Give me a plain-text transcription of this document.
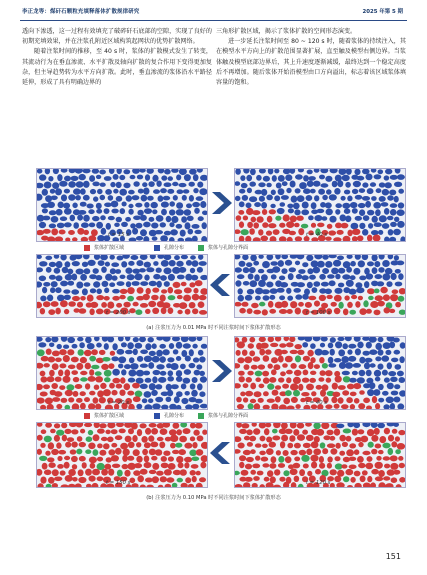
李正龙等：煤矸石颗粒充填释落体扩散规律研究	2025 年第 5 期

透向下渗透，这一过程有效填充了破碎矸石底部的空隙，实现了良好的初期充填效果，并在注浆孔附近区域构筑起网状的优势扩散网络。

随着注浆时间的推移，至 40 s 时，浆体的扩散模式发生了转变，其流动行为在垂直渗流、水平扩散及轴向扩散的复合作用下变得更加复杂，但主导趋势转为水平方向扩散。此时，垂直渗流的浆体沿水平路径延伸，形成了具有明确边界的

三角形扩散区域，揭示了浆体扩散的空间形态演变。

进一步延长注浆时间至 80 ~ 120 s 时，随着浆体的持续注入，其在模型水平方向上的扩散范围显著扩展，直至触及模型右侧边界。当浆体触及模型底部边界后，其上升速度逐渐减缓，最终达到一个稳定高度后不再增加。随后浆体开始沿模型由口方向溢出，标志着该区域浆体填容量的饱和。

t = 15 s	t = 40 s
浆体扩散区域	孔隙分布	浆体与孔隙分界面
t = 200 s	t = 100 s
(a) 注浆压力为 0.01 MPa 时不同注浆时间下浆体扩散形态
t = 20 s	t = 40 s
浆体扩散区域	孔隙分布	浆体与孔隙分界面
t = 150 s	t = 120 s
(b) 注浆压力为 0.10 MPa 时不同注浆时间下浆体扩散形态
151
